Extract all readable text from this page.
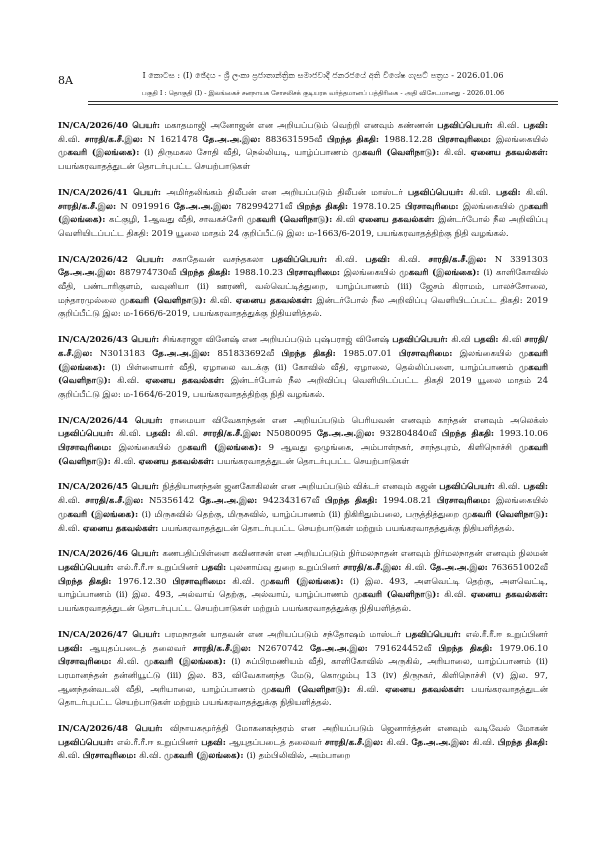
8A	I කොටස : (I) ඡේදය - ශ්‍රී ලංකා ප්‍රජාතාන්ත්‍රික සමාජවාදී ජනරජයේ අති විශේෂ ගැසට් පත්‍රය - 2026.01.06
பகுதி I : தொகுதி (I) - இலங்கைச் சனநாயக சோசலிசக் குடியரசு வர்த்தமானப் பத்திரிகை - அதி விசேடமானது - 2026.01.06

IN/CA/2026/40 பெயர்: மகாதமாஜி அனோஜன் என அறியப்படும் வெற்றி எனவும் கண்ணன் பதவிப்பெயர்: கி.வி. பதவி: கி.வி. சாரதி/க.சீ.இல: N 1621478 தே.அ.அ.இல: 883631595வீ பிறந்த திகதி: 1988.12.28 பிரசாவுரிமை: இலங்கையில் முகவரி (இலங்கை): (i) திருமகல சோதி வீதி, நெல்லியடி, யாழ்ப்பாணம் முகவரி (வெளிநாடு): கி.வி. ஏனைய தகவல்கள்: பயங்கரவாதத்துடன் தொடர்புபட்ட செயற்பாடுகள்

IN/CA/2026/41 பெயர்: அமிர்தலிங்கம் திலீபன் என அறியப்படும் திலீபன் மாஸ்டர் பதவிப்பெயர்: கி.வி. பதவி: கி.வி. சாரதி/க.சீ.இல: N 0919916 தே.அ.அ.இல: 782994271வீ பிறந்த திகதி: 1978.10.25 பிரசாவுரிமை: இலங்கையில் முகவரி (இலங்கை): கட்குழி, 1ஆவது வீதி, சாவகச்சேரி முகவரி (வெளிநாடு): கி.வி ஏனைய தகவல்கள்: இன்டர்போல் நீல அறிவிப்பு வெளியிடப்பட்ட திகதி: 2019 யூலை மாதம் 24 குறிப்பீட்டு இல: ம-1663/6-2019, பயங்கரவாதத்திற்கு நிதி வழங்கல்.

IN/CA/2026/42 பெயர்: சகாதேவன் வசந்தகலா பதவிப்பெயர்: கி.வி. பதவி: கி.வி. சாரதி/க.சீ.இல: N 3391303 தே.அ.அ.இல: 887974730வீ பிறந்த திகதி: 1988.10.23 பிரசாவுரிமை: இலங்கையில் முகவரி (இலங்கை): (i) காளிகோவில் வீதி, பண்டாரிகுளம், வவுனியா (ii) ஊரணி, வல்வெட்டித்துறை, யாழ்ப்பாணம் (iii) ஜேசம் கிராமம், பாலச்சோலை, மந்தாரமுல்லை முகவரி (வெளிநாடு): கி.வி. ஏனைய தகவல்கள்: இன்டர்போல் நீல அறிவிப்பு வெளியிடப்பட்ட திகதி: 2019 குறிப்பீட்டு இல: ம-1666/6-2019, பயங்கரவாதத்துக்கு நிதியளித்தல்.

IN/CA/2026/43 பெயர்: சிங்கராஜா வினேஷ் என அறியப்படும் புஷ்பராஜ் வினேஷ் பதவிப்பெயர்: கி.வி பதவி: கி.வி சாரதி/க.சீ.இல: N3013183 தே.அ.அ.இல: 851833692வீ பிறந்த திகதி: 1985.07.01 பிரசாவுரிமை: இலங்கையில் முகவரி (இலங்கை): (i) பிள்ளையார் வீதி, ஏழாலை வடக்கு (ii) கோவில் வீதி, ஏழாலை, தெல்லிப்பளை, யாழ்ப்பாணம் முகவரி (வெளிநாடு): கி.வி. ஏனைய தகவல்கள்: இன்டர்போல் நீல அறிவிப்பு வெளியிடப்பட்ட திகதி 2019 யூலை மாதம் 24 குறிப்பீட்டு இல: ம-1664/6-2019, பயங்கரவாதத்திற்கு நிதி வழங்கல்.

IN/CA/2026/44 பெயர்: ராமையா விவேகாந்தன் என அறியப்படும் பெரியவன் எனவும் காந்தன் எனவும் அலெக்ஸ் பதவிப்பெயர்: கி.வி. பதவி: கி.வி. சாரதி/க.சீ.இல: N5080095 தே.அ.அ.இல: 932804840வீ பிறந்த திகதி: 1993.10.06 பிரசாவுரிமை: இலங்கையில் முகவரி (இலங்கை): 9 ஆவது ஒழுங்கை, அம்பாள்நகர், சாந்தபுரம், கிளிநொச்சி முகவரி (வெளிநாடு): கி.வி. ஏனைய தகவல்கள்: பயங்கரவாதத்துடன் தொடர்புபட்ட செயற்பாடுகள்

IN/CA/2026/45 பெயர்: நித்தியானந்தன் ஜனகோகிலன் என அறியப்படும் விக்டர் எனவும் கஜன் பதவிப்பெயர்: கி.வி. பதவி: கி.வி. சாரதி/க.சீ.இல: N5356142 தே.அ.அ.இல: 942343167வீ பிறந்த திகதி: 1994.08.21 பிரசாவுரிமை: இலங்கையில் முகவரி (இலங்கை): (i) மிருசுவில் தெற்கு, மிருசுவில், யாழ்ப்பாணம் (ii) நிகிரிதும்பலை, பருத்தித்துறை முகவரி (வெளிநாடு): கி.வி. ஏனைய தகவல்கள்: பயங்கரவாதத்துடன் தொடர்புபட்ட செயற்பாடுகள் மற்றும் பயங்கரவாதத்துக்கு நிதியளித்தல்.

IN/CA/2026/46 பெயர்: கணபதிப்பிள்ளை கவினாசன் என அறியப்படும் நிர்மலநாதன் எனவும் நிர்மலநாதன் எனவும் நிலமன் பதவிப்பெயர்: எல்.ரீ.ரீ.ஈ உறுப்பினர் பதவி: புலனாய்வு துறை உறுப்பினர் சாரதி/க.சீ.இல: கி.வி. தே.அ.அ.இல: 763651002வீ பிறந்த திகதி: 1976.12.30 பிரசாவுரிமை: கி.வி. முகவரி (இலங்கை): (i) இல. 493, அளவெட்டி தெற்கு, அளவெட்டி, யாழ்ப்பாணம் (ii) இல. 493, அல்வாய் தெற்கு, அல்வாய், யாழ்ப்பாணம் முகவரி (வெளிநாடு): கி.வி. ஏனைய தகவல்கள்: பயங்கரவாதத்துடன் தொடர்புபட்ட செயற்பாடுகள் மற்றும் பயங்கரவாதத்துக்கு நிதியளித்தல்.

IN/CA/2026/47 பெயர்: பரமநாதன் யாதவன் என அறியப்படும் சந்தோஷம் மாஸ்டர் பதவிப்பெயர்: எல்.ரீ.ரீ.ஈ உறுப்பினர் பதவி: ஆயுதப்படைத் தலைவர் சாரதி/க.சீ.இல: N2670742 தே.அ.அ.இல: 791624452வீ பிறந்த திகதி: 1979.06.10 பிரசாவுரிமை: கி.வி. முகவரி (இலங்கை): (i) சுப்பிரமணியம் வீதி, காளிகோவில் அருகில், அரியாலை, யாழ்ப்பாணம் (ii) பரமானந்தன் தன்னியூட்டு (iii) இல. 83, விவேகானந்த மேடு, கொழும்பு 13 (iv) திருநகர், கிளிநொச்சி (v) இல. 97, ஆனந்தன்வடலி வீதி, அரியாலை, யாழ்ப்பாணம் முகவரி (வெளிநாடு): கி.வி. ஏனைய தகவல்கள்: பயங்கரவாதத்துடன் தொடர்புபட்ட செயற்பாடுகள் மற்றும் பயங்கரவாதத்துக்கு நிதியளித்தல்.

IN/CA/2026/48 பெயர்: விநாயகமூர்த்தி மோகனகந்தரம் என அறியப்படும் ஜெனார்த்தன் எனவும் வடிவேல் மோகன் பதவிப்பெயர்: எல்.ரீ.ரீ.ஈ உறுப்பினர் பதவி: ஆயுதப்படைத் தலைவர் சாரதி/க.சீ.இல: கி.வி. தே.அ.அ.இல: கி.வி. பிறந்த திகதி: கி.வி. பிரசாவுரிமை: கி.வி. முகவரி (இலங்கை): (i) தம்பிலிவில், அம்பாறை
